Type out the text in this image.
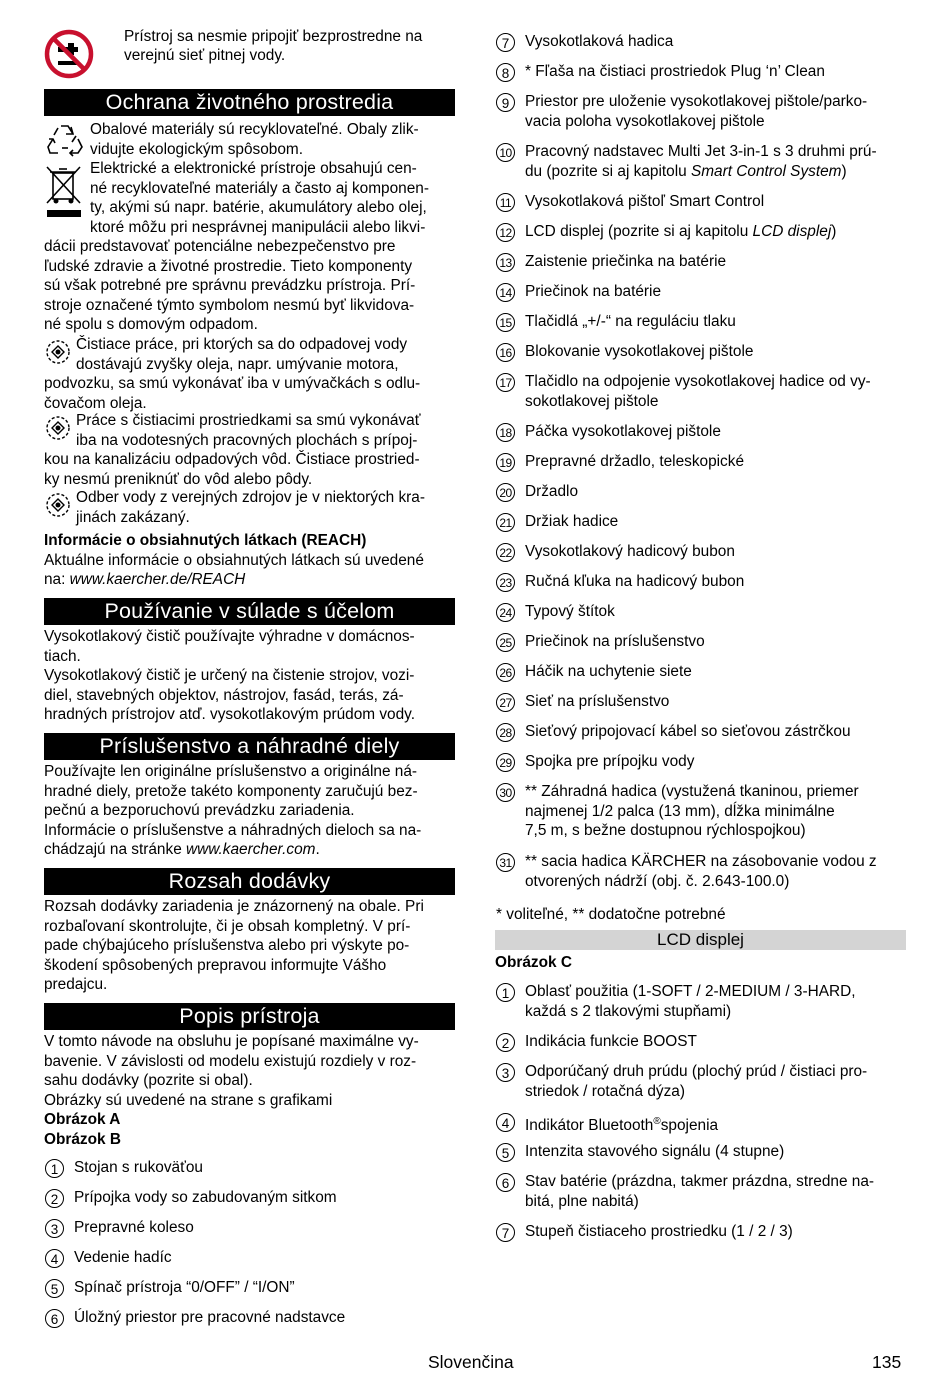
Prístroj sa nesmie pripojiť bezprostredne na
verejnú sieť pitnej vody.
Ochrana životného prostredia
Obalové materiály sú recyklovateľné. Obaly zlik-
vidujte ekologickým spôsobom.
Elektrické a elektronické prístroje obsahujú cen-
né recyklovateľné materiály a často aj komponen-
ty, akými sú napr. batérie, akumulátory alebo olej,
ktoré môžu pri nesprávnej manipulácii alebo likvi-
dácii predstavovať potenciálne nebezpečenstvo pre
ľudské zdravie a životné prostredie. Tieto komponenty
sú však potrebné pre správnu prevádzku prístroja. Prí-
stroje označené týmto symbolom nesmú byť likvidova-
né spolu s domovým odpadom.
Čistiace práce, pri ktorých sa do odpadovej vody
dostávajú zvyšky oleja, napr. umývanie motora,
podvozku, sa smú vykonávať iba v umývačkách s odlu-
čovačom oleja.
Práce s čistiacimi prostriedkami sa smú vykonávať
iba na vodotesných pracovných plochách s prípoj-
kou na kanalizáciu odpadových vôd. Čistiace prostried-
ky nesmú preniknúť do vôd alebo pôdy.
Odber vody z verejných zdrojov je v niektorých kra-
jinách zakázaný.
Informácie o obsiahnutých látkach (REACH)
Aktuálne informácie o obsiahnutých látkach sú uvedené
na: www.kaercher.de/REACH
Používanie v súlade s účelom
Vysokotlakový čistič používajte výhradne v domácnos-
tiach.
Vysokotlakový čistič je určený na čistenie strojov, vozi-
diel, stavebných objektov, nástrojov, fasád, terás, zá-
hradných prístrojov atď. vysokotlakovým prúdom vody.
Príslušenstvo a náhradné diely
Používajte len originálne príslušenstvo a originálne ná-
hradné diely, pretože takéto komponenty zaručujú bez-
pečnú a bezporuchovú prevádzku zariadenia.
Informácie o príslušenstve a náhradných dieloch sa na-
chádzajú na stránke www.kaercher.com.
Rozsah dodávky
Rozsah dodávky zariadenia je znázornený na obale. Pri
rozbaľovaní skontrolujte, či je obsah kompletný. V prí-
pade chýbajúceho príslušenstva alebo pri výskyte po-
škodení spôsobených prepravou informujte Vášho
predajcu.
Popis prístroja
V tomto návode na obsluhu je popísané maximálne vy-
bavenie. V závislosti od modelu existujú rozdiely v roz-
sahu dodávky (pozrite si obal).
Obrázky sú uvedené na strane s grafikami
Obrázok A
Obrázok B
1	Stojan s rukoväťou
2	Prípojka vody so zabudovaným sitkom
3	Prepravné koleso
4	Vedenie hadíc
5	Spínač prístroja “0/OFF” / “I/ON”
6	Úložný priestor pre pracovné nadstavce
7	Vysokotlaková hadica
8	* Fľaša na čistiaci prostriedok Plug ‘n’ Clean
9	Priestor pre uloženie vysokotlakovej pištole/parko-
vacia poloha vysokotlakovej pištole
10 Pracovný nadstavec Multi Jet 3-in-1 s 3 druhmi prú-
du (pozrite si aj kapitolu Smart Control System)
11 Vysokotlaková pištoľ Smart Control
12 LCD displej (pozrite si aj kapitolu LCD displej)
13 Zaistenie priečinka na batérie
14 Priečinok na batérie
15 Tlačidlá „+/-“ na reguláciu tlaku
16 Blokovanie vysokotlakovej pištole
17 Tlačidlo na odpojenie vysokotlakovej hadice od vy-
sokotlakovej pištole
18 Páčka vysokotlakovej pištole
19 Prepravné držadlo, teleskopické
20 Držadlo
21 Držiak hadice
22 Vysokotlakový hadicový bubon
23 Ručná kľuka na hadicový bubon
24 Typový štítok
25 Priečinok na príslušenstvo
26 Háčik na uchytenie siete
27 Sieť na príslušenstvo
28 Sieťový pripojovací kábel so sieťovou zástrčkou
29 Spojka pre prípojku vody
30 ** Záhradná hadica (vystužená tkaninou, priemer
najmenej 1/2 palca (13 mm), dĺžka minimálne
7,5 m, s bežne dostupnou rýchlospojkou)
31 ** sacia hadica KÄRCHER na zásobovanie vodou z
otvorených nádrží (obj. č. 2.643-100.0)
* voliteľné, ** dodatočne potrebné
LCD displej
Obrázok C
1	Oblasť použitia (1-SOFT / 2-MEDIUM / 3-HARD,
každá s 2 tlakovými stupňami)
2	Indikácia funkcie BOOST
3	Odporúčaný druh prúdu (plochý prúd / čistiaci pro-
striedok / rotačná dýza)
4	Indikátor Bluetooth®spojenia
5	Intenzita stavového signálu (4 stupne)
6	Stav batérie (prázdna, takmer prázdna, stredne na-
bitá, plne nabitá)
7	Stupeň čistiaceho prostriedku (1 / 2 / 3)
Slovenčina	135
